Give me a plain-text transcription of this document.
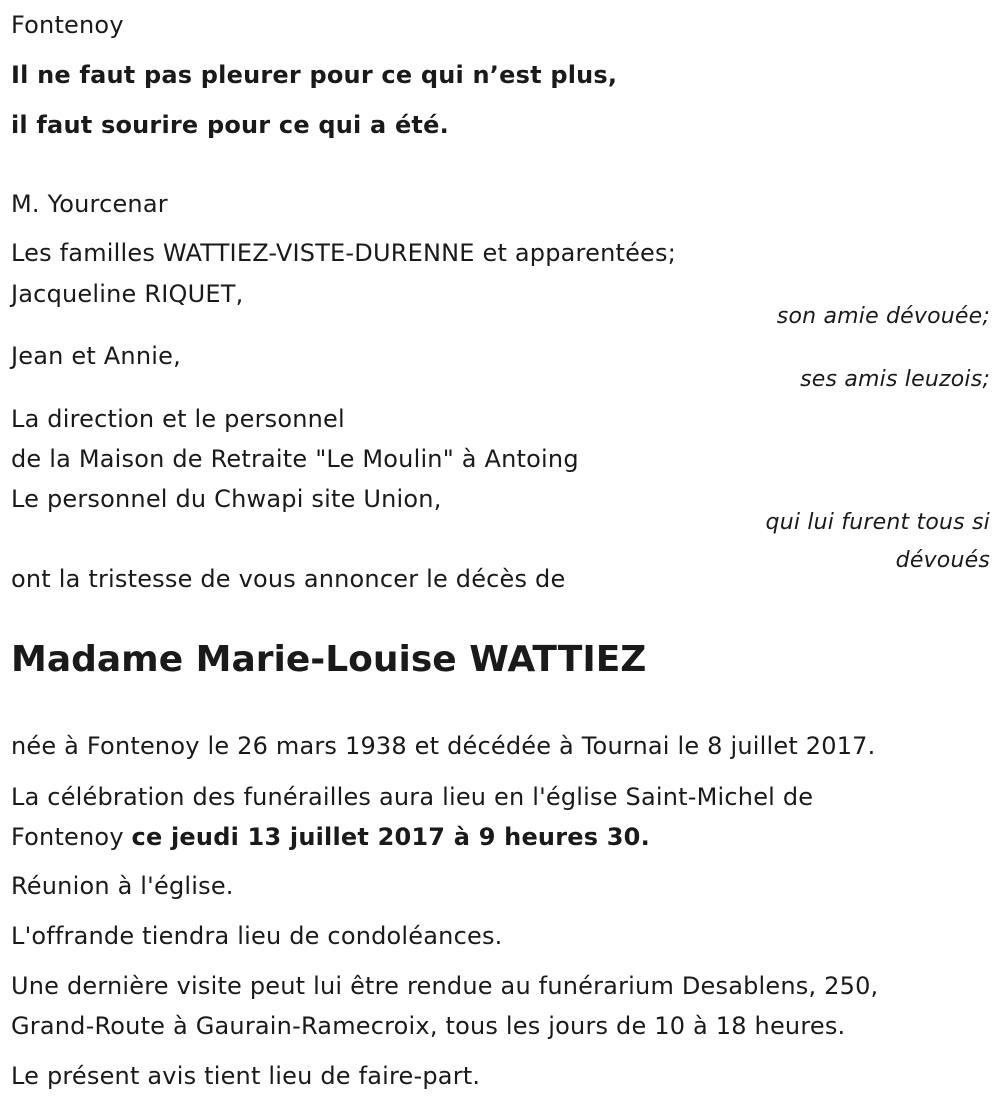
Fontenoy
Il ne faut pas pleurer pour ce qui n’est plus,
il faut sourire pour ce qui a été.
M. Yourcenar
Les familles WATTIEZ-VISTE-DURENNE et apparentées;
Jacqueline RIQUET,
son amie dévouée;
Jean et Annie,
ses amis leuzois;
La direction et le personnel
de la Maison de Retraite "Le Moulin" à Antoing
Le personnel du Chwapi site Union,
qui lui furent tous si
dévoués
ont la tristesse de vous annoncer le décès de
Madame Marie-Louise WATTIEZ
née à Fontenoy le 26 mars 1938 et décédée à Tournai le 8 juillet 2017.
La célébration des funérailles aura lieu en l'église Saint-Michel de
Fontenoy ce jeudi 13 juillet 2017 à 9 heures 30.
Réunion à l'église.
L'offrande tiendra lieu de condoléances.
Une dernière visite peut lui être rendue au funérarium Desablens, 250,
Grand-Route à Gaurain-Ramecroix, tous les jours de 10 à 18 heures.
Le présent avis tient lieu de faire-part.
